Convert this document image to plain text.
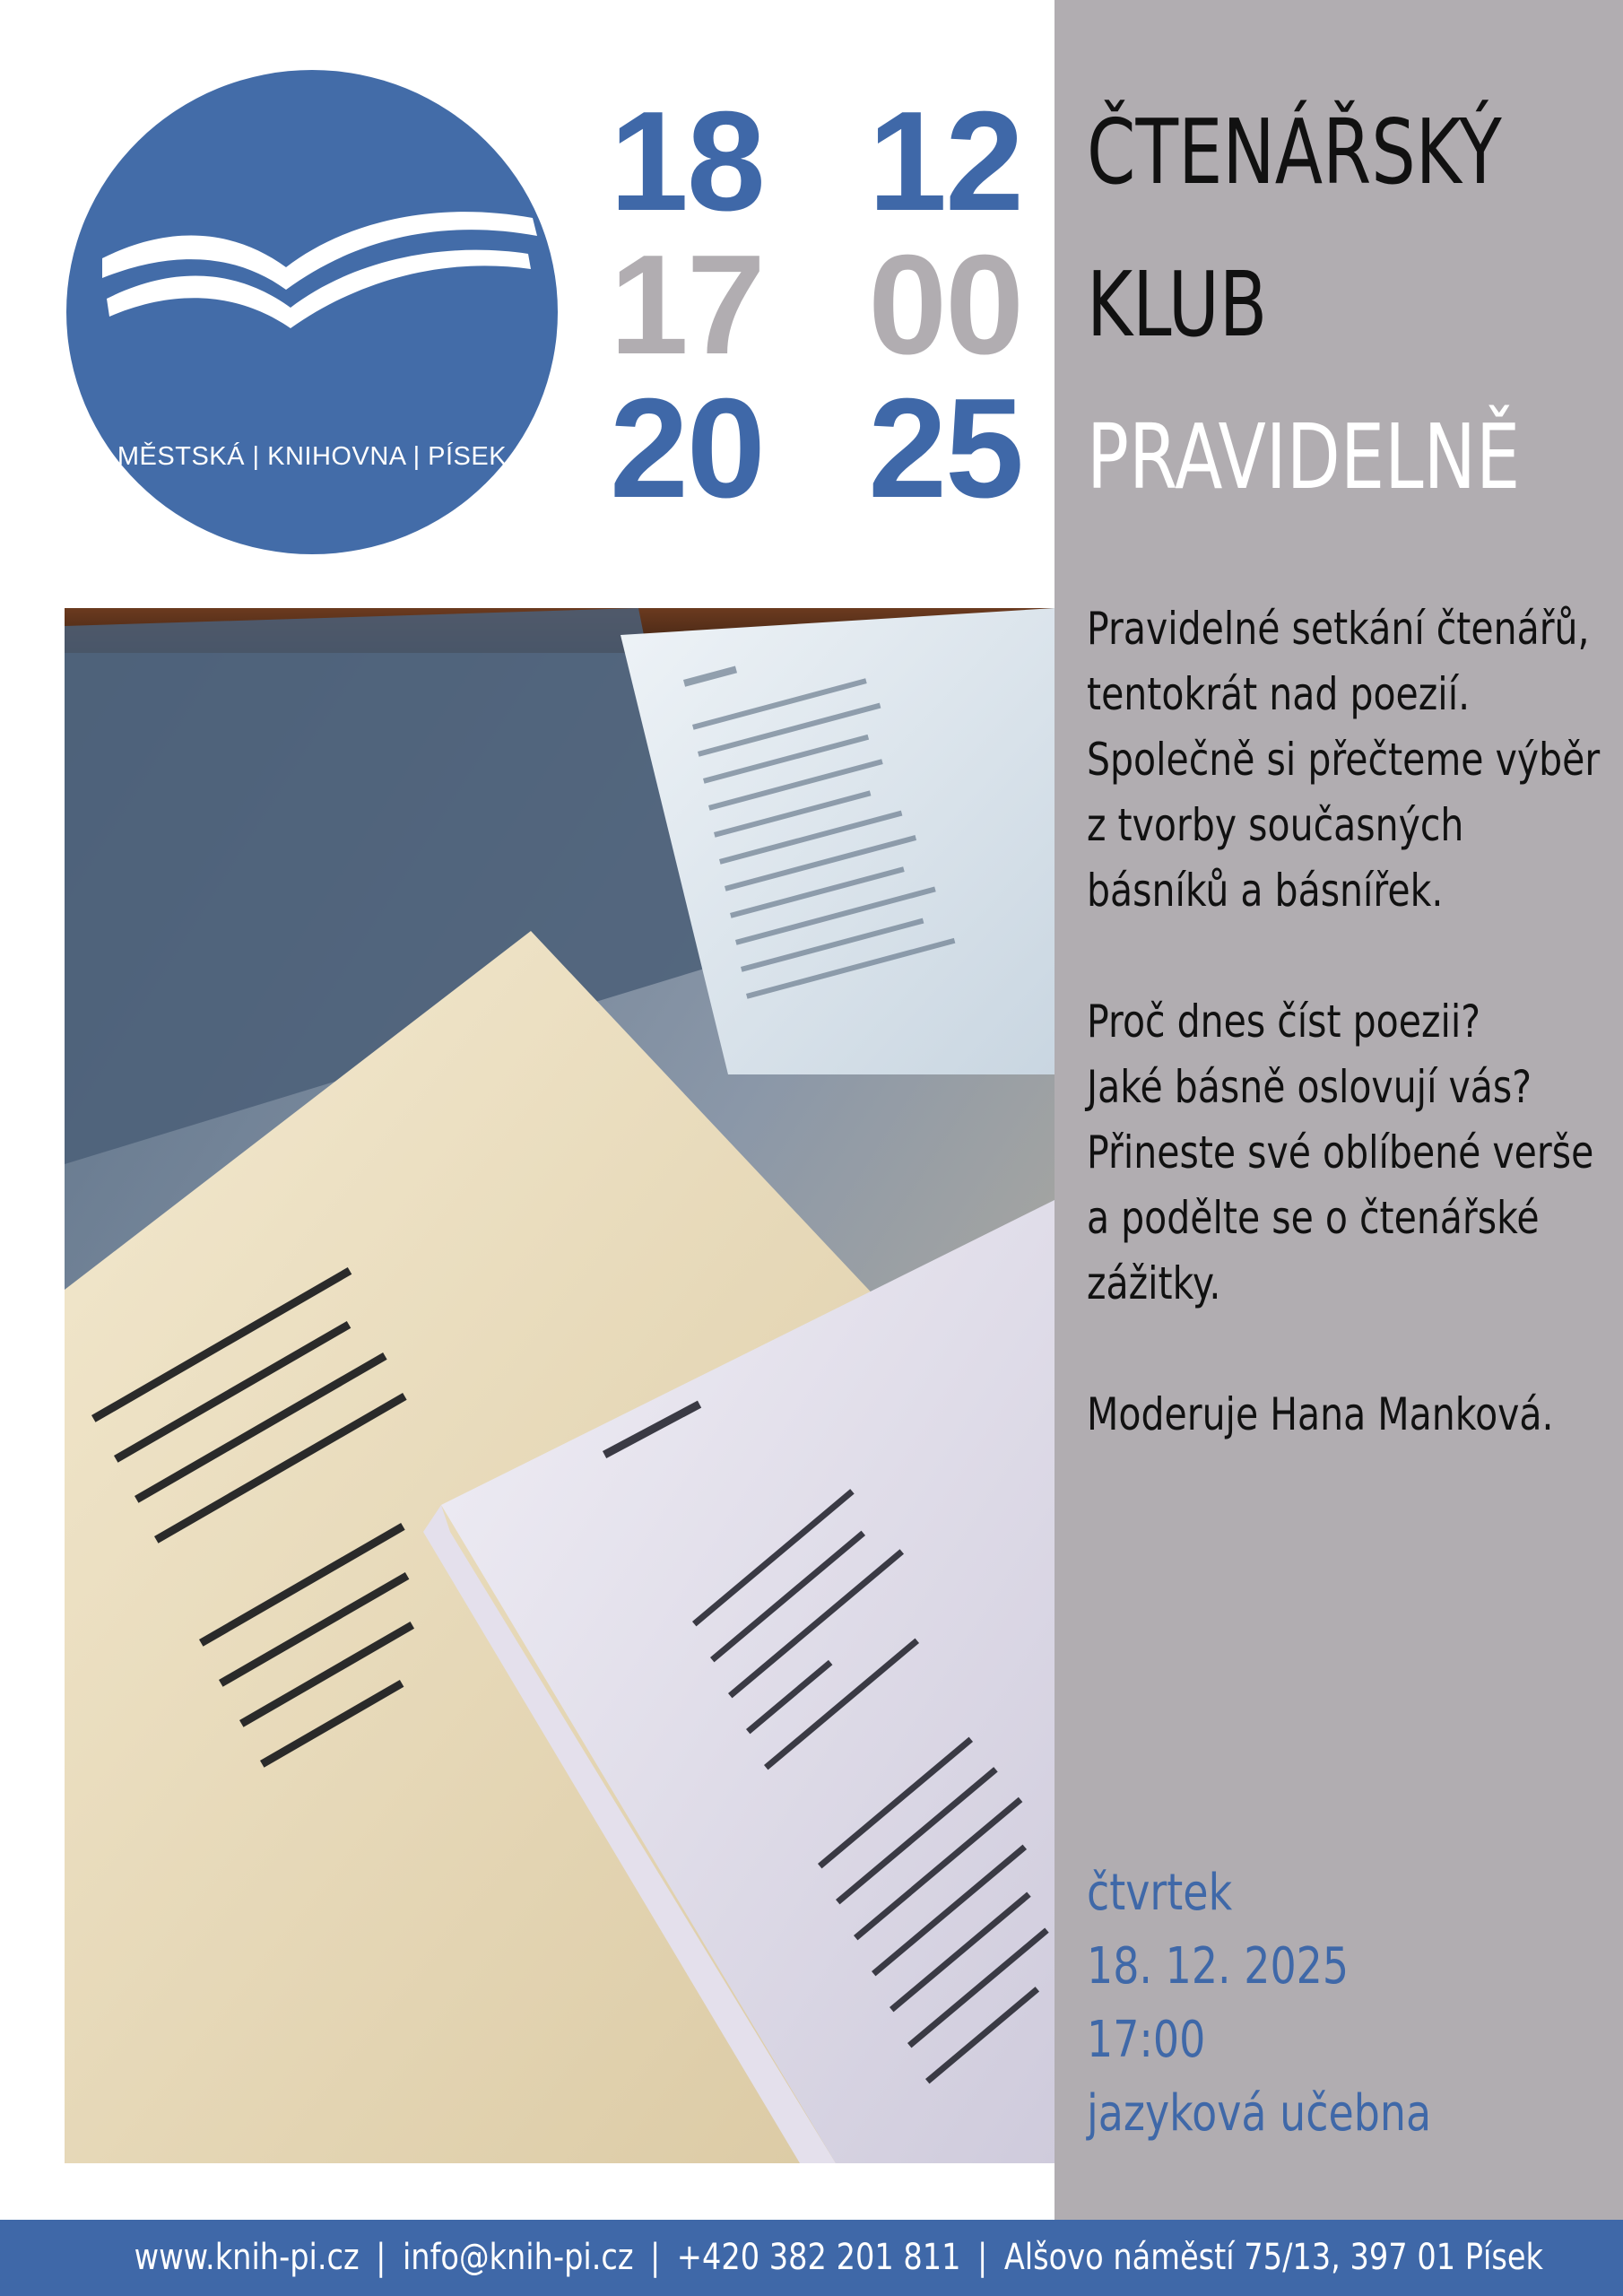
| MĚSTSKÁ | KNIHOVNA | PÍSEK |
18 12
17 00
20 25
ČTENÁŘSKÝ
KLUB
PRAVIDELNĚ

Pravidelné setkání čtenářů,
tentokrát nad poezií.
Společně si přečteme výběr
z tvorby současných
básníků a básnířek.

Proč dnes číst poezii?
Jaké básně oslovují vás?
Přineste své oblíbené verše
a podělte se o čtenářské
zážitky.

Moderuje Hana Manková.

čtvrtek
18. 12. 2025
17:00
jazyková učebna
www.knih-pi.cz | info@knih-pi.cz | +420 382 201 811 | Alšovo náměstí 75/13, 397 01 Písek
